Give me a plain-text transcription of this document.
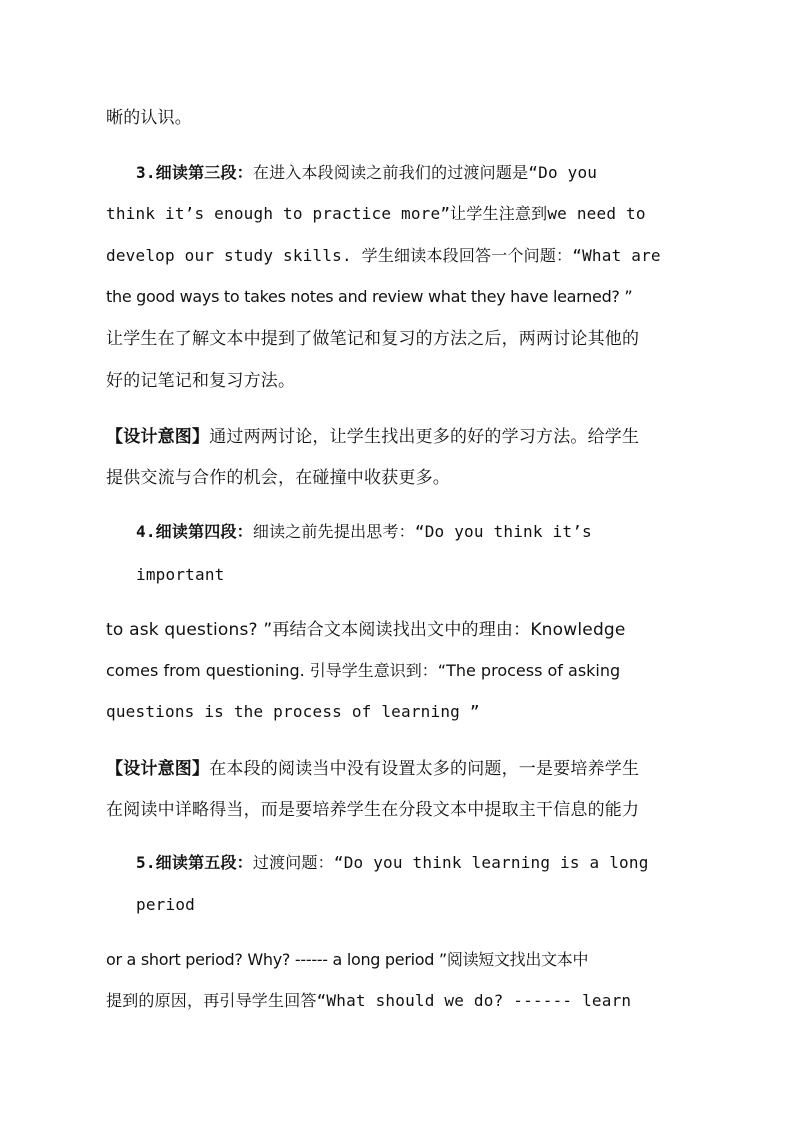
晰的认识。
3.细读第三段：在进入本段阅读之前我们的过渡问题是“Do you
think it’s enough to practice more”让学生注意到we need to
develop our study skills. 学生细读本段回答一个问题：“What are
the good ways to takes notes and review what they have learned? ”
让学生在了解文本中提到了做笔记和复习的方法之后，两两讨论其他的
好的记笔记和复习方法。
【设计意图】通过两两讨论，让学生找出更多的好的学习方法。给学生
提供交流与合作的机会，在碰撞中收获更多。
4.细读第四段：细读之前先提出思考：“Do you think it’s
important
to ask questions? ”再结合文本阅读找出文中的理由：Knowledge
comes from questioning. 引导学生意识到：“The process of asking
questions is the process of learning ”
【设计意图】在本段的阅读当中没有设置太多的问题，一是要培养学生
在阅读中详略得当，而是要培养学生在分段文本中提取主干信息的能力
5.细读第五段：过渡问题：“Do you think learning is a long
period
or a short period? Why? ------ a long period ”阅读短文找出文本中
提到的原因，再引导学生回答“What should we do? ------ learn
